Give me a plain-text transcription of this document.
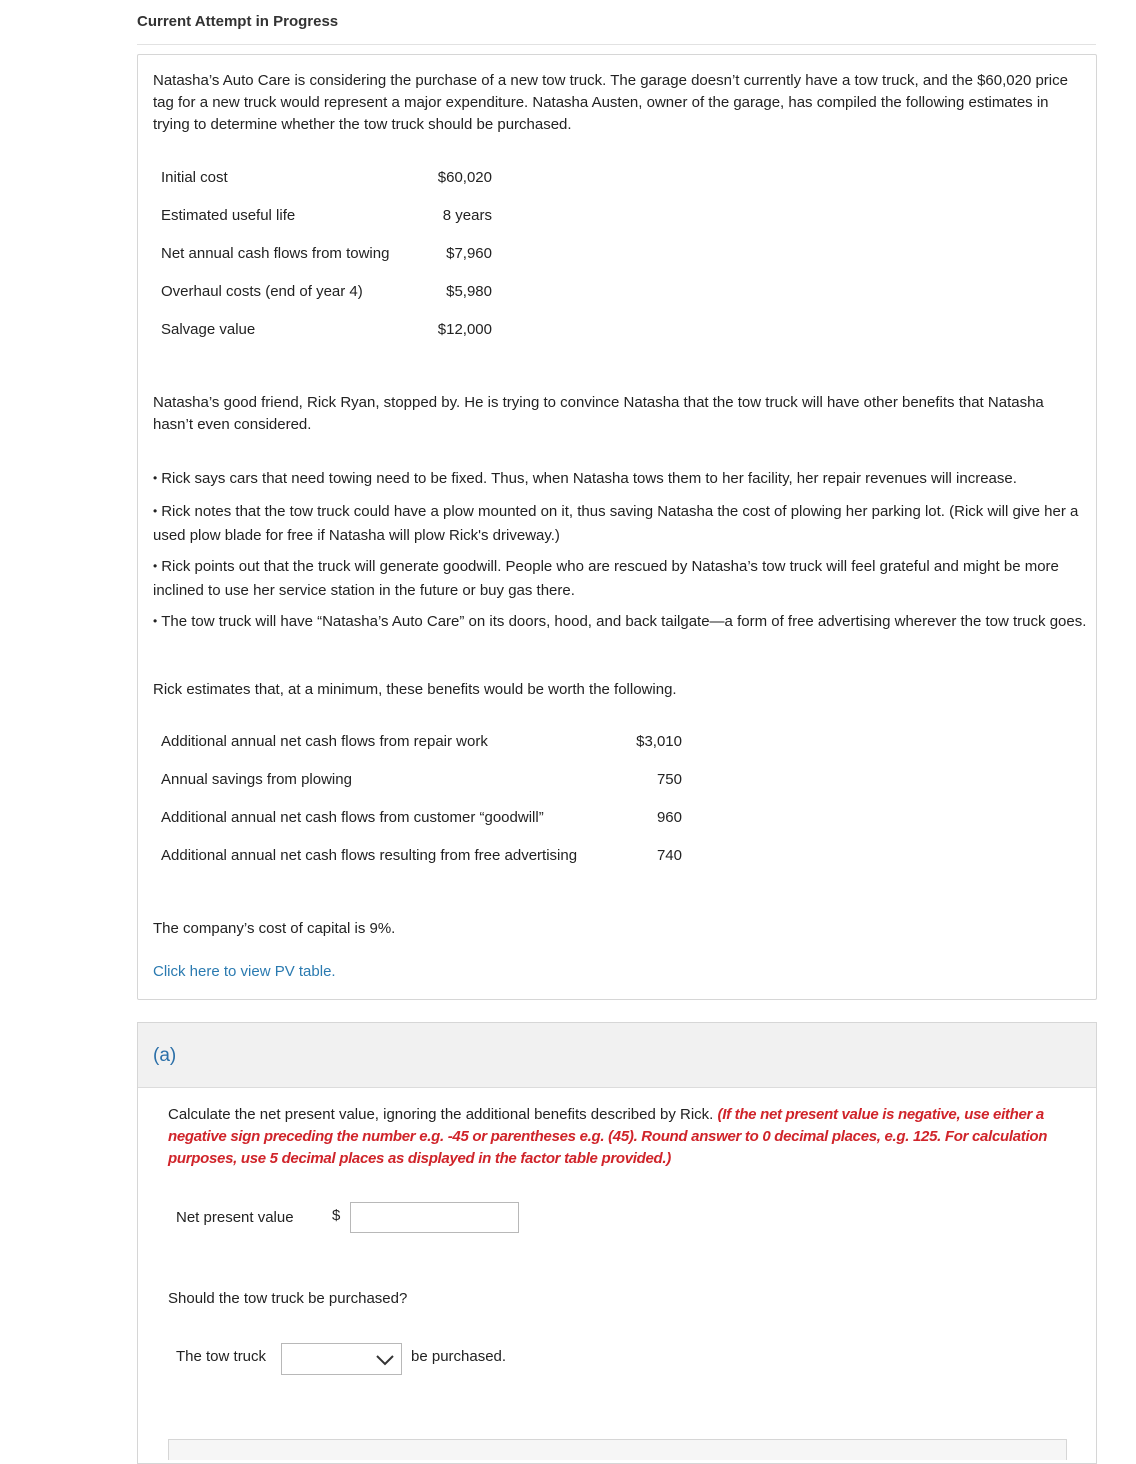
Current Attempt in Progress
Natasha’s Auto Care is considering the purchase of a new tow truck. The garage doesn’t currently have a tow truck, and the $60,020 price tag for a new truck would represent a major expenditure. Natasha Austen, owner of the garage, has compiled the following estimates in trying to determine whether the tow truck should be purchased.
Initial cost	$60,020
Estimated useful life	8 years
Net annual cash flows from towing	$7,960
Overhaul costs (end of year 4)	$5,980
Salvage value	$12,000
Natasha’s good friend, Rick Ryan, stopped by. He is trying to convince Natasha that the tow truck will have other benefits that Natasha hasn’t even considered.
• Rick says cars that need towing need to be fixed. Thus, when Natasha tows them to her facility, her repair revenues will increase.
• Rick notes that the tow truck could have a plow mounted on it, thus saving Natasha the cost of plowing her parking lot. (Rick will give her a used plow blade for free if Natasha will plow Rick's driveway.)
• Rick points out that the truck will generate goodwill. People who are rescued by Natasha’s tow truck will feel grateful and might be more inclined to use her service station in the future or buy gas there.
• The tow truck will have “Natasha’s Auto Care” on its doors, hood, and back tailgate—a form of free advertising wherever the tow truck goes.
Rick estimates that, at a minimum, these benefits would be worth the following.
Additional annual net cash flows from repair work	$3,010
Annual savings from plowing	750
Additional annual net cash flows from customer “goodwill”	960
Additional annual net cash flows resulting from free advertising	740
The company’s cost of capital is 9%.
Click here to view PV table.
(a)
Calculate the net present value, ignoring the additional benefits described by Rick. (If the net present value is negative, use either a negative sign preceding the number e.g. -45 or parentheses e.g. (45). Round answer to 0 decimal places, e.g. 125. For calculation purposes, use 5 decimal places as displayed in the factor table provided.)
Net present value	$
Should the tow truck be purchased?
The tow truck	be purchased.
